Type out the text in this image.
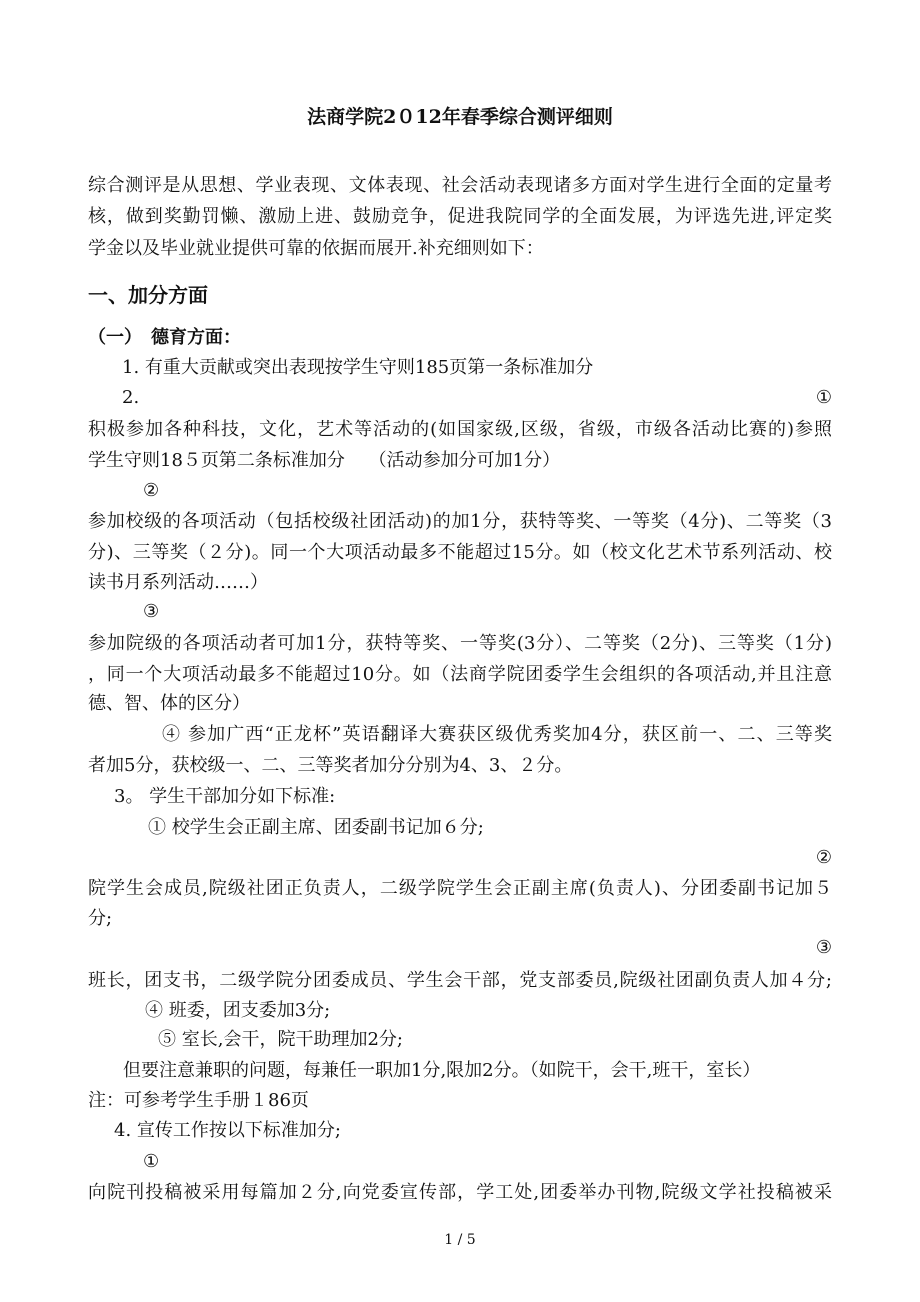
法商学院2０12年春季综合测评细则
综合测评是从思想、学业表现、文体表现、社会活动表现诸多方面对学生进行全面的定量考
核，做到奖勤罚懒、激励上进、鼓励竞争，促进我院同学的全面发展，为评选先进,评定奖
学金以及毕业就业提供可靠的依据而展开.补充细则如下：
一、加分方面
（一）　德育方面：
1. 有重大贡献或突出表现按学生守则185页第一条标准加分
2.	①
积极参加各种科技，文化，艺术等活动的(如国家级,区级，省级，市级各活动比赛的)参照
学生守则18５页第二条标准加分　 （活动参加分可加1分）
②
参加校级的各项活动（包括校级社团活动)的加1分，获特等奖、一等奖（4分)、二等奖（3
分)、三等奖（２分)。同一个大项活动最多不能超过15分。如（校文化艺术节系列活动、校
读书月系列活动……）
③
参加院级的各项活动者可加1分，获特等奖、一等奖(3分）、二等奖（2分)、三等奖（1分)
，同一个大项活动最多不能超过10分。如（法商学院团委学生会组织的各项活动,并且注意
德、智、体的区分）
④ 参加广西“正龙杯”英语翻译大赛获区级优秀奖加4分，获区前一、二、三等奖
者加5分，获校级一、二、三等奖者加分分别为4、3、２分。
3。 学生干部加分如下标准:
① 校学生会正副主席、团委副书记加６分;
②
院学生会成员,院级社团正负责人，二级学院学生会正副主席(负责人)、分团委副书记加５
分;
③
班长，团支书，二级学院分团委成员、学生会干部，党支部委员,院级社团副负责人加４分;
④ 班委，团支委加3分;
⑤ 室长,会干，院干助理加2分;
但要注意兼职的问题，每兼任一职加1分,限加2分。（如院干，会干,班干，室长）
注：可参考学生手册１86页
4. 宣传工作按以下标准加分;
①
向院刊投稿被采用每篇加２分,向党委宣传部，学工处,团委举办刊物,院级文学社投稿被采
1 / 5
